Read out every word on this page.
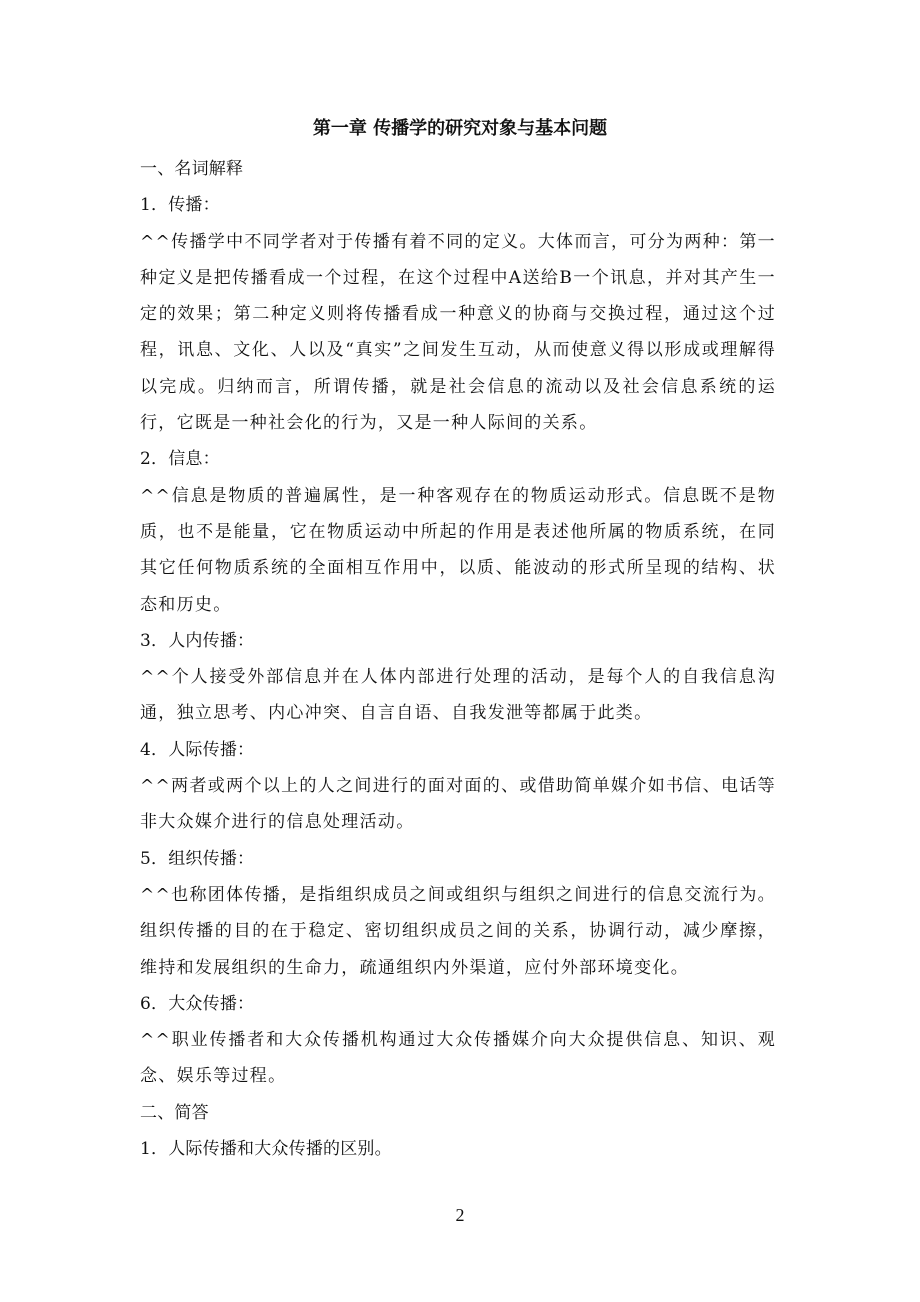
第一章 传播学的研究对象与基本问题
一、名词解释
1．传播：
^^传播学中不同学者对于传播有着不同的定义。大体而言，可分为两种：第一种定义是把传播看成一个过程，在这个过程中A送给B一个讯息，并对其产生一定的效果；第二种定义则将传播看成一种意义的协商与交换过程，通过这个过程，讯息、文化、人以及“真实”之间发生互动，从而使意义得以形成或理解得以完成。归纳而言，所谓传播，就是社会信息的流动以及社会信息系统的运行，它既是一种社会化的行为，又是一种人际间的关系。
2．信息：
^^信息是物质的普遍属性，是一种客观存在的物质运动形式。信息既不是物质，也不是能量，它在物质运动中所起的作用是表述他所属的物质系统，在同其它任何物质系统的全面相互作用中，以质、能波动的形式所呈现的结构、状态和历史。
3．人内传播：
^^个人接受外部信息并在人体内部进行处理的活动，是每个人的自我信息沟通，独立思考、内心冲突、自言自语、自我发泄等都属于此类。
4．人际传播：
^^两者或两个以上的人之间进行的面对面的、或借助简单媒介如书信、电话等非大众媒介进行的信息处理活动。
5．组织传播：
^^也称团体传播，是指组织成员之间或组织与组织之间进行的信息交流行为。组织传播的目的在于稳定、密切组织成员之间的关系，协调行动，减少摩擦，维持和发展组织的生命力，疏通组织内外渠道，应付外部环境变化。
6．大众传播：
^^职业传播者和大众传播机构通过大众传播媒介向大众提供信息、知识、观念、娱乐等过程。
二、简答
1．人际传播和大众传播的区别。
2
